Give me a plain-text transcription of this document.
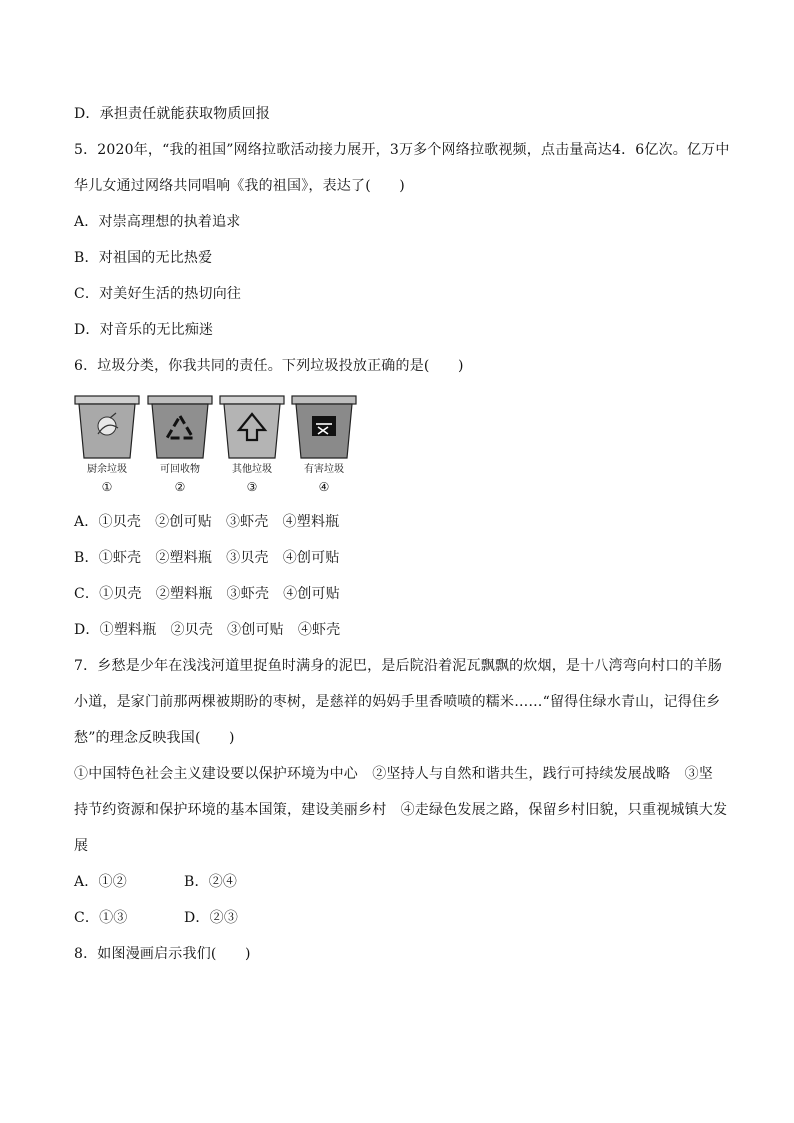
D．承担责任就能获取物质回报

5．2020年，“我的祖国”网络拉歌活动接力展开，3万多个网络拉歌视频，点击量高达4．6亿次。亿万中

华儿女通过网络共同唱响《我的祖国》，表达了(　　)

A．对崇高理想的执着追求

B．对祖国的无比热爱

C．对美好生活的热切向往

D．对音乐的无比痴迷

6．垃圾分类，你我共同的责任。下列垃圾投放正确的是(　　)

厨余垃圾
①
可回收物
②
其他垃圾
③
有害垃圾
④

A．①贝壳 ②创可贴 ③虾壳 ④塑料瓶

B．①虾壳 ②塑料瓶 ③贝壳 ④创可贴

C．①贝壳 ②塑料瓶 ③虾壳 ④创可贴

D．①塑料瓶 ②贝壳 ③创可贴 ④虾壳

7．乡愁是少年在浅浅河道里捉鱼时满身的泥巴，是后院沿着泥瓦飘飘的炊烟，是十八湾弯向村口的羊肠

小道，是家门前那两棵被期盼的枣树，是慈祥的妈妈手里香喷喷的糯米……“留得住绿水青山，记得住乡

愁”的理念反映我国(　　)

①中国特色社会主义建设要以保护环境为中心　②坚持人与自然和谐共生，践行可持续发展战略　③坚

持节约资源和保护环境的基本国策，建设美丽乡村　④走绿色发展之路，保留乡村旧貌，只重视城镇大发

展

A．①②	B．②④

C．①③	D．②③

8．如图漫画启示我们(　　)
